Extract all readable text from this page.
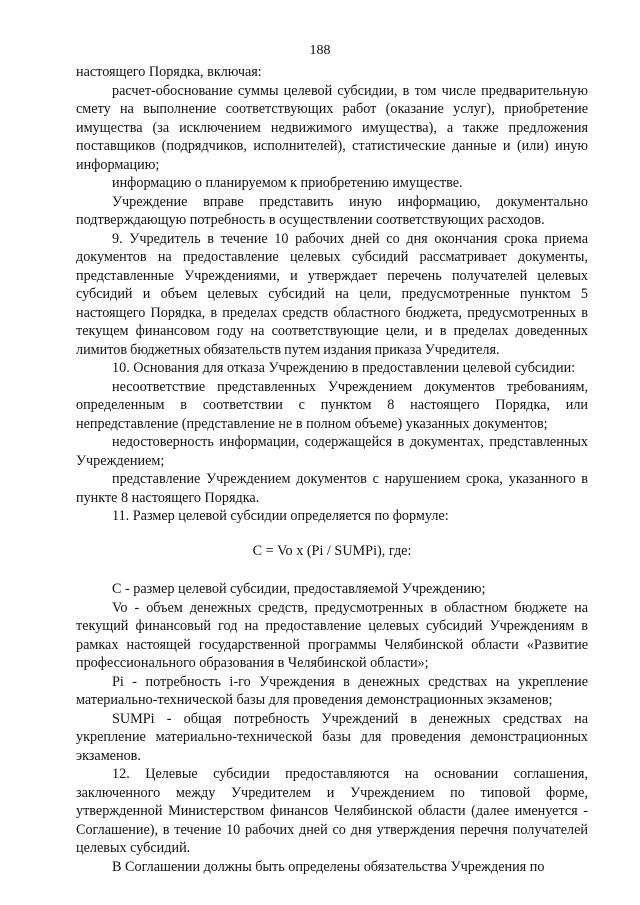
188

настоящего Порядка, включая:

расчет-обоснование суммы целевой субсидии, в том числе предварительную смету на выполнение соответствующих работ (оказание услуг), приобретение имущества (за исключением недвижимого имущества), а также предложения поставщиков (подрядчиков, исполнителей), статистические данные и (или) иную информацию;

информацию о планируемом к приобретению имуществе.

Учреждение вправе представить иную информацию, документально подтверждающую потребность в осуществлении соответствующих расходов.

9. Учредитель в течение 10 рабочих дней со дня окончания срока приема документов на предоставление целевых субсидий рассматривает документы, представленные Учреждениями, и утверждает перечень получателей целевых субсидий и объем целевых субсидий на цели, предусмотренные пунктом 5 настоящего Порядка, в пределах средств областного бюджета, предусмотренных в текущем финансовом году на соответствующие цели, и в пределах доведенных лимитов бюджетных обязательств путем издания приказа Учредителя.

10. Основания для отказа Учреждению в предоставлении целевой субсидии:

несоответствие представленных Учреждением документов требованиям, определенным в соответствии с пунктом 8 настоящего Порядка, или непредставление (представление не в полном объеме) указанных документов;

недостоверность информации, содержащейся в документах, представленных Учреждением;

представление Учреждением документов с нарушением срока, указанного в пункте 8 настоящего Порядка.

11. Размер целевой субсидии определяется по формуле:

С = Vo x (Pi / SUMPi), где:

С - размер целевой субсидии, предоставляемой Учреждению;

Vo - объем денежных средств, предусмотренных в областном бюджете на текущий финансовый год на предоставление целевых субсидий Учреждениям в рамках настоящей государственной программы Челябинской области «Развитие профессионального образования в Челябинской области»;

Pi - потребность i-го Учреждения в денежных средствах на укрепление материально-технической базы для проведения демонстрационных экзаменов;

SUMPi - общая потребность Учреждений в денежных средствах на укрепление материально-технической базы для проведения демонстрационных экзаменов.

12. Целевые субсидии предоставляются на основании соглашения, заключенного между Учредителем и Учреждением по типовой форме, утвержденной Министерством финансов Челябинской области (далее именуется - Соглашение), в течение 10 рабочих дней со дня утверждения перечня получателей целевых субсидий.

В Соглашении должны быть определены обязательства Учреждения по
